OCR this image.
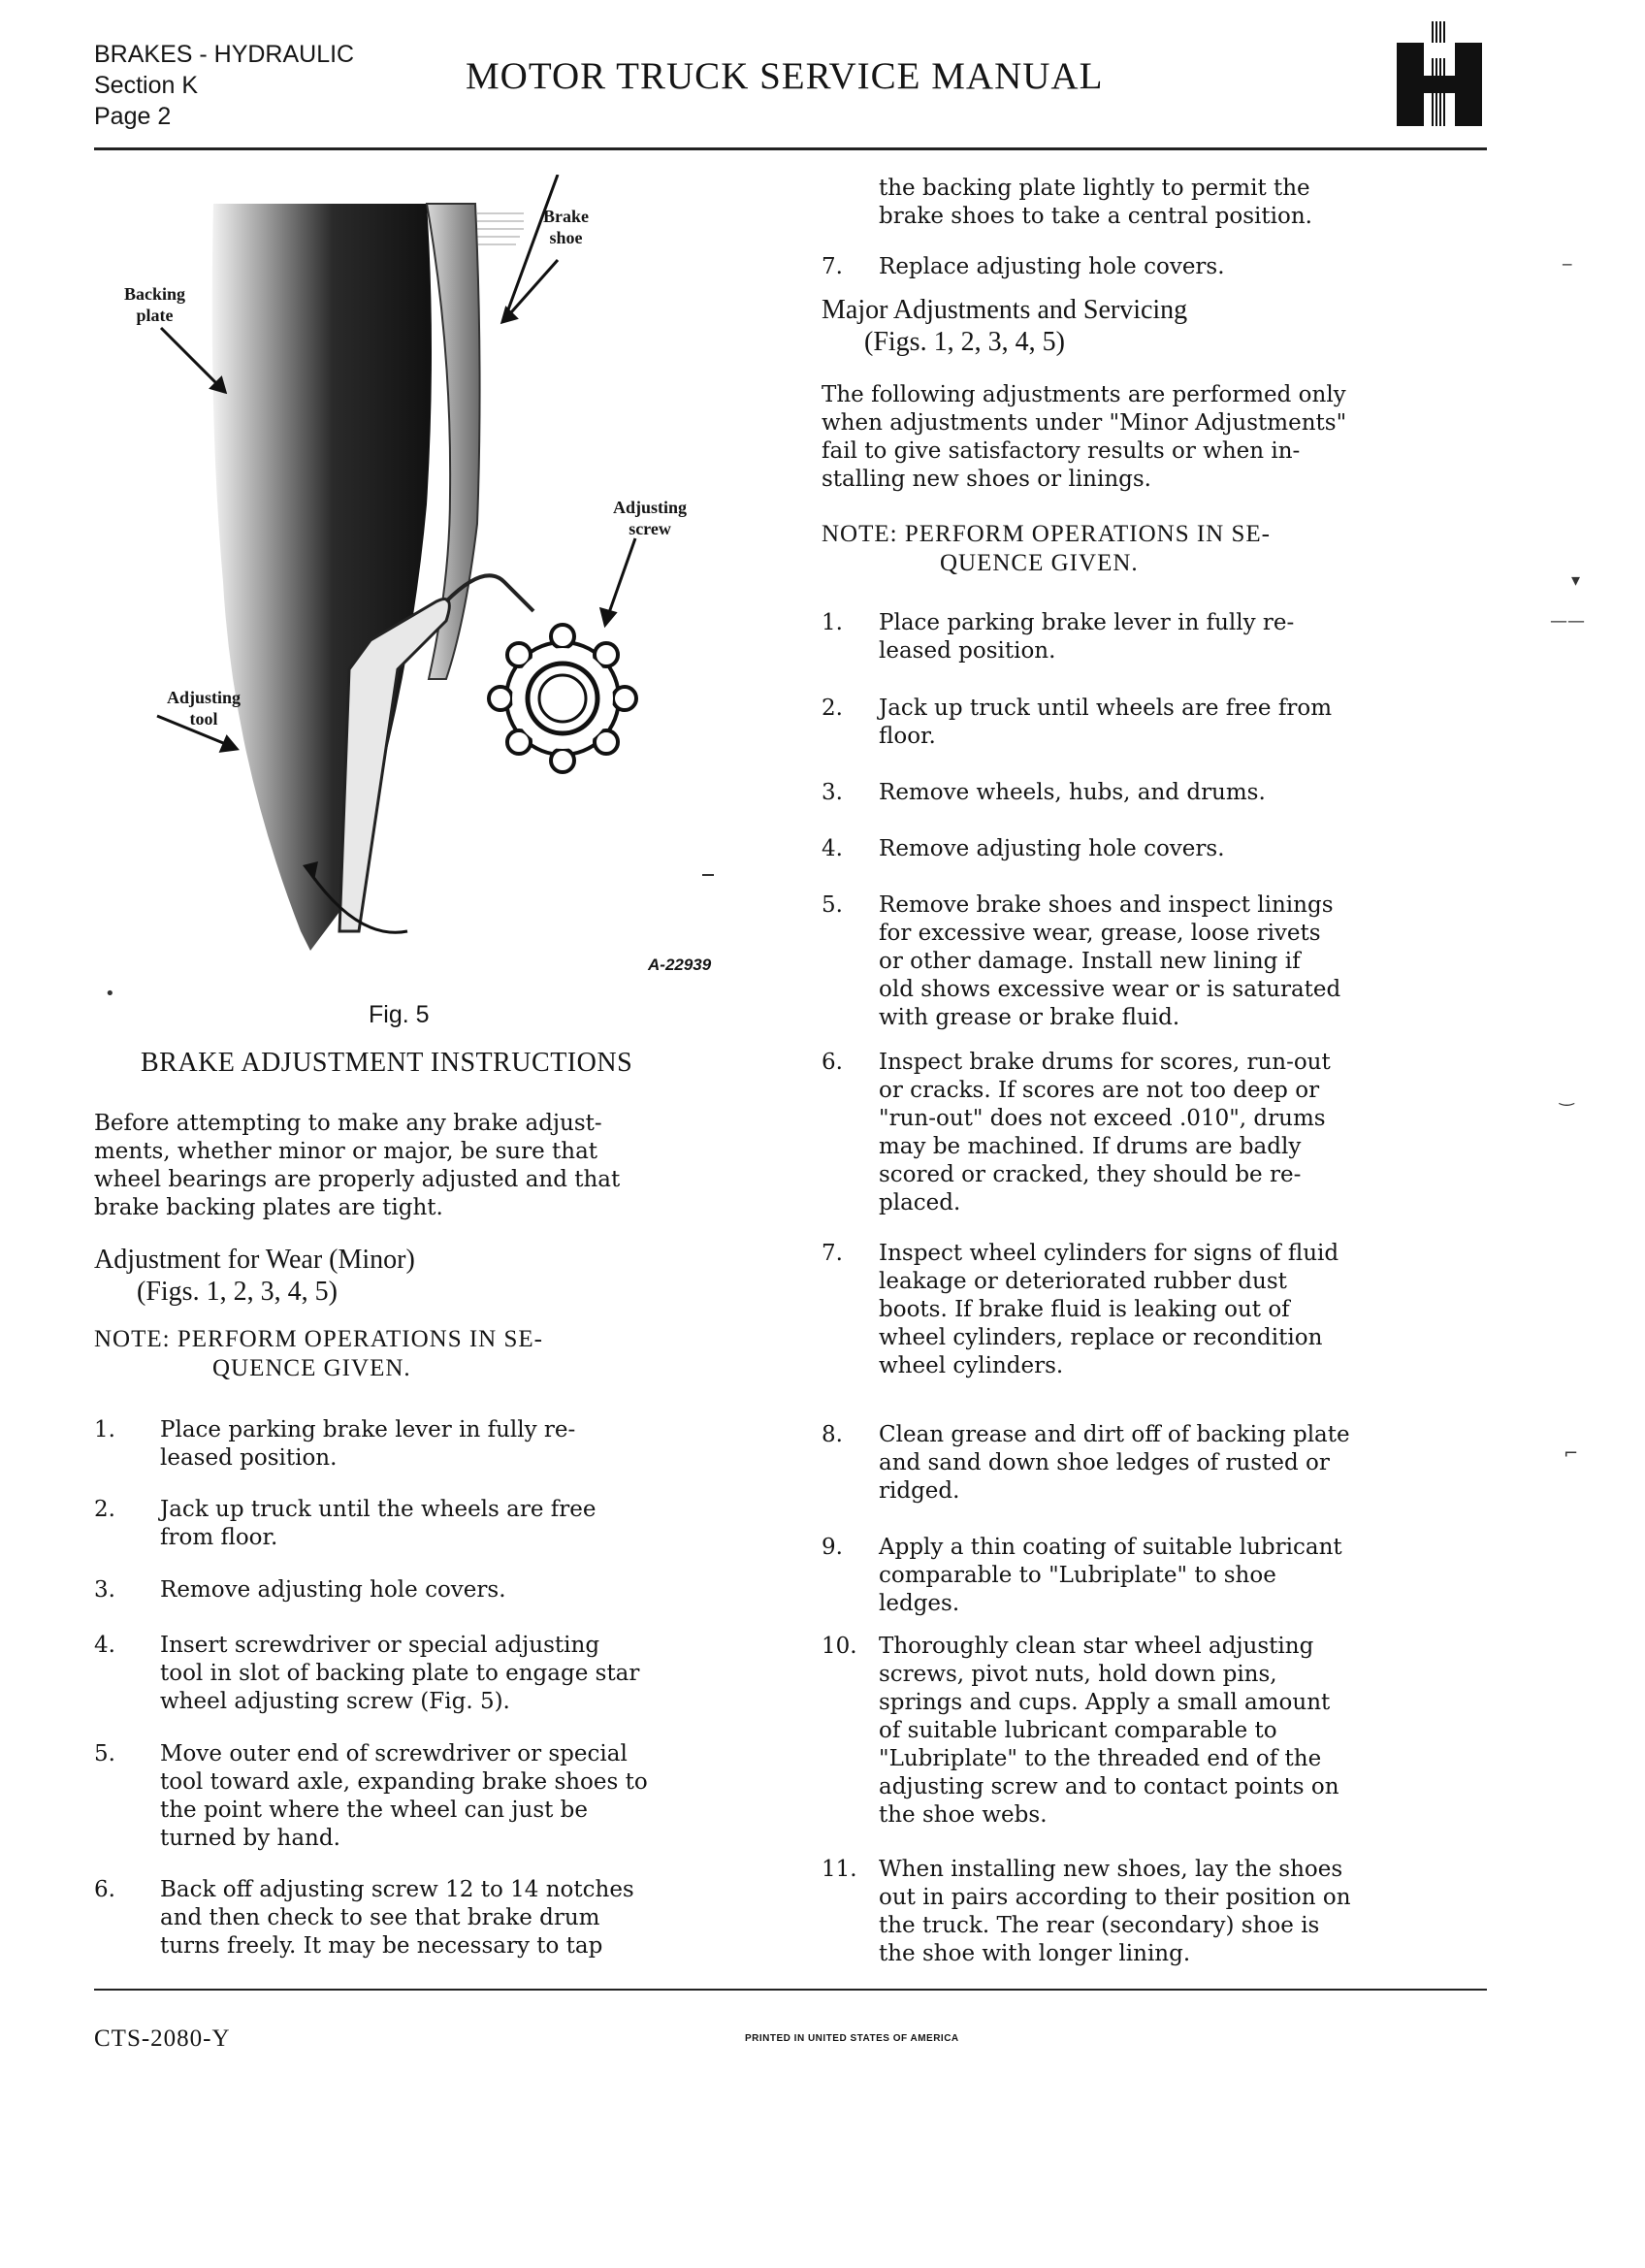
BRAKES - HYDRAULIC
Section K
Page 2
MOTOR TRUCK SERVICE MANUAL
Brake
shoe
Backing
plate
Adjusting
screw
Adjusting
tool
A-22939
Fig. 5
•
BRAKE ADJUSTMENT INSTRUCTIONS

Before attempting to make any brake adjust-

ments, whether minor or major, be sure that

wheel bearings are properly adjusted and that

brake backing plates are tight.

Adjustment for Wear (Minor)
(Figs. 1, 2, 3, 4, 5)
NOTE: PERFORM OPERATIONS IN SE-
QUENCE GIVEN.
1. Place parking brake lever in fully re-
leased position.
2. Jack up truck until the wheels are free
from floor.
3. Remove adjusting hole covers.
4. Insert screwdriver or special adjusting
tool in slot of backing plate to engage star
wheel adjusting screw (Fig. 5).
5. Move outer end of screwdriver or special
tool toward axle, expanding brake shoes to
the point where the wheel can just be
turned by hand.
6. Back off adjusting screw 12 to 14 notches
and then check to see that brake drum
turns freely. It may be necessary to tap

the backing plate lightly to permit the

brake shoes to take a central position.

7. Replace adjusting hole covers.
Major Adjustments and Servicing
(Figs. 1, 2, 3, 4, 5)

The following adjustments are performed only

when adjustments under "Minor Adjustments"

fail to give satisfactory results or when in-

stalling new shoes or linings.

NOTE: PERFORM OPERATIONS IN SE-
QUENCE GIVEN.
1. Place parking brake lever in fully re-
leased position.
2. Jack up truck until wheels are free from
floor.
3. Remove wheels, hubs, and drums.
4. Remove adjusting hole covers.
5. Remove brake shoes and inspect linings
for excessive wear, grease, loose rivets
or other damage. Install new lining if
old shows excessive wear or is saturated
with grease or brake fluid.
6. Inspect brake drums for scores, run-out
or cracks. If scores are not too deep or
"run-out" does not exceed .010", drums
may be machined. If drums are badly
scored or cracked, they should be re-
placed.
7. Inspect wheel cylinders for signs of fluid
leakage or deteriorated rubber dust
boots. If brake fluid is leaking out of
wheel cylinders, replace or recondition
wheel cylinders.
8. Clean grease and dirt off of backing plate
and sand down shoe ledges of rusted or
ridged.
9. Apply a thin coating of suitable lubricant
comparable to "Lubriplate" to shoe
ledges.
10. Thoroughly clean star wheel adjusting
screws, pivot nuts, hold down pins,
springs and cups. Apply a small amount
of suitable lubricant comparable to
"Lubriplate" to the threaded end of the
adjusting screw and to contact points on
the shoe webs.
11. When installing new shoes, lay the shoes
out in pairs according to their position on
the truck. The rear (secondary) shoe is
the shoe with longer lining.
‒
▾
——
‿
⌐
CTS-2080-Y	PRINTED IN UNITED STATES OF AMERICA
